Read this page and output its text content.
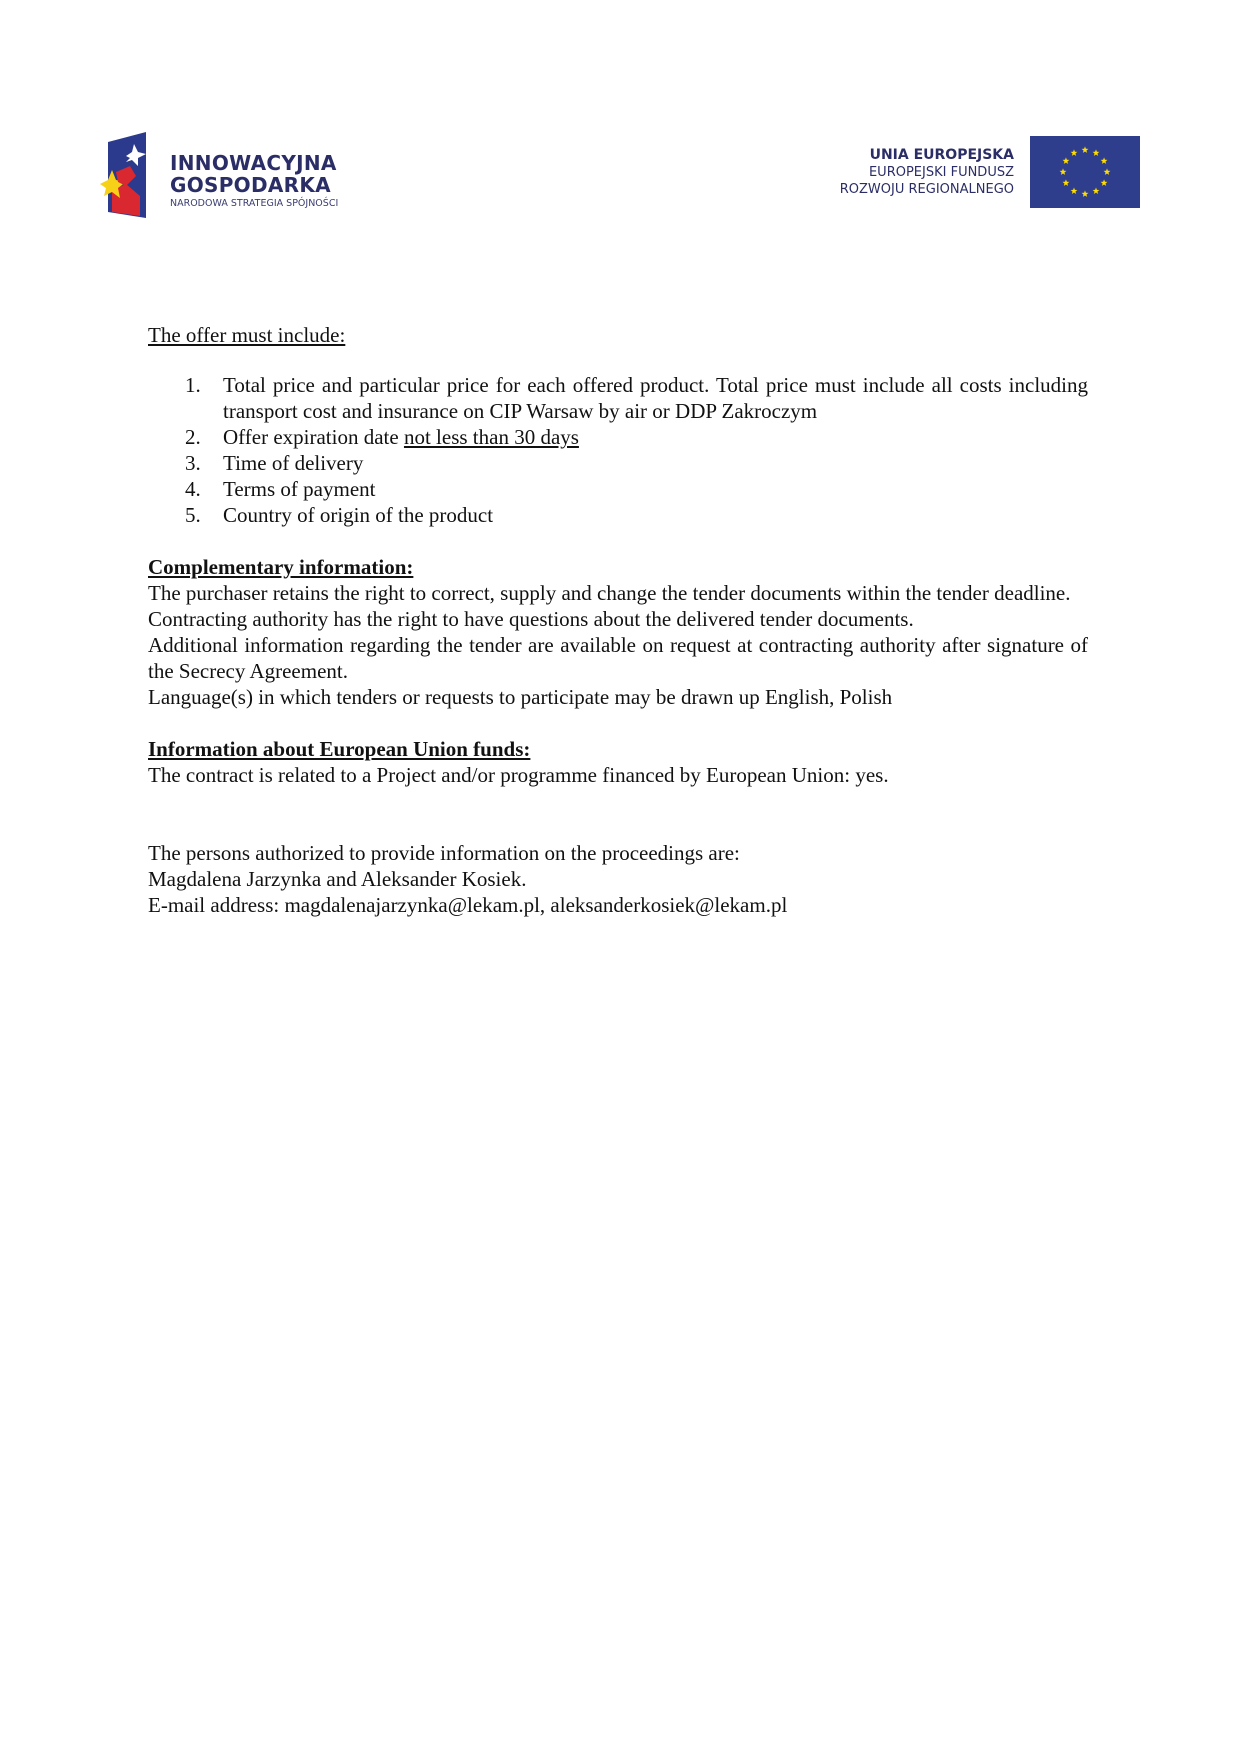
INNOWACYJNA
GOSPODARKA
NARODOWA STRATEGIA SPÓJNOŚCI
UNIA EUROPEJSKA
EUROPEJSKI FUNDUSZ
ROZWOJU REGIONALNEGO

The offer must include:

1. Total price and particular price for each offered product. Total price must include all costs including transport cost and insurance on CIP Warsaw by air or DDP Zakroczym
2. Offer expiration date not less than 30 days
3. Time of delivery
4. Terms of payment
5. Country of origin of the product

Complementary information:

The purchaser retains the right to correct, supply and change the tender documents within the tender deadline.

Contracting authority has the right to have questions about the delivered tender documents.

Additional information regarding the tender are available on request at contracting authority after signature of the Secrecy Agreement.

Language(s) in which tenders or requests to participate may be drawn up English, Polish

Information about European Union funds:

The contract is related to a Project and/or programme financed by European Union: yes.

The persons authorized to provide information on the proceedings are:

Magdalena Jarzynka and Aleksander Kosiek.

E-mail address: magdalenajarzynka@lekam.pl, aleksanderkosiek@lekam.pl
